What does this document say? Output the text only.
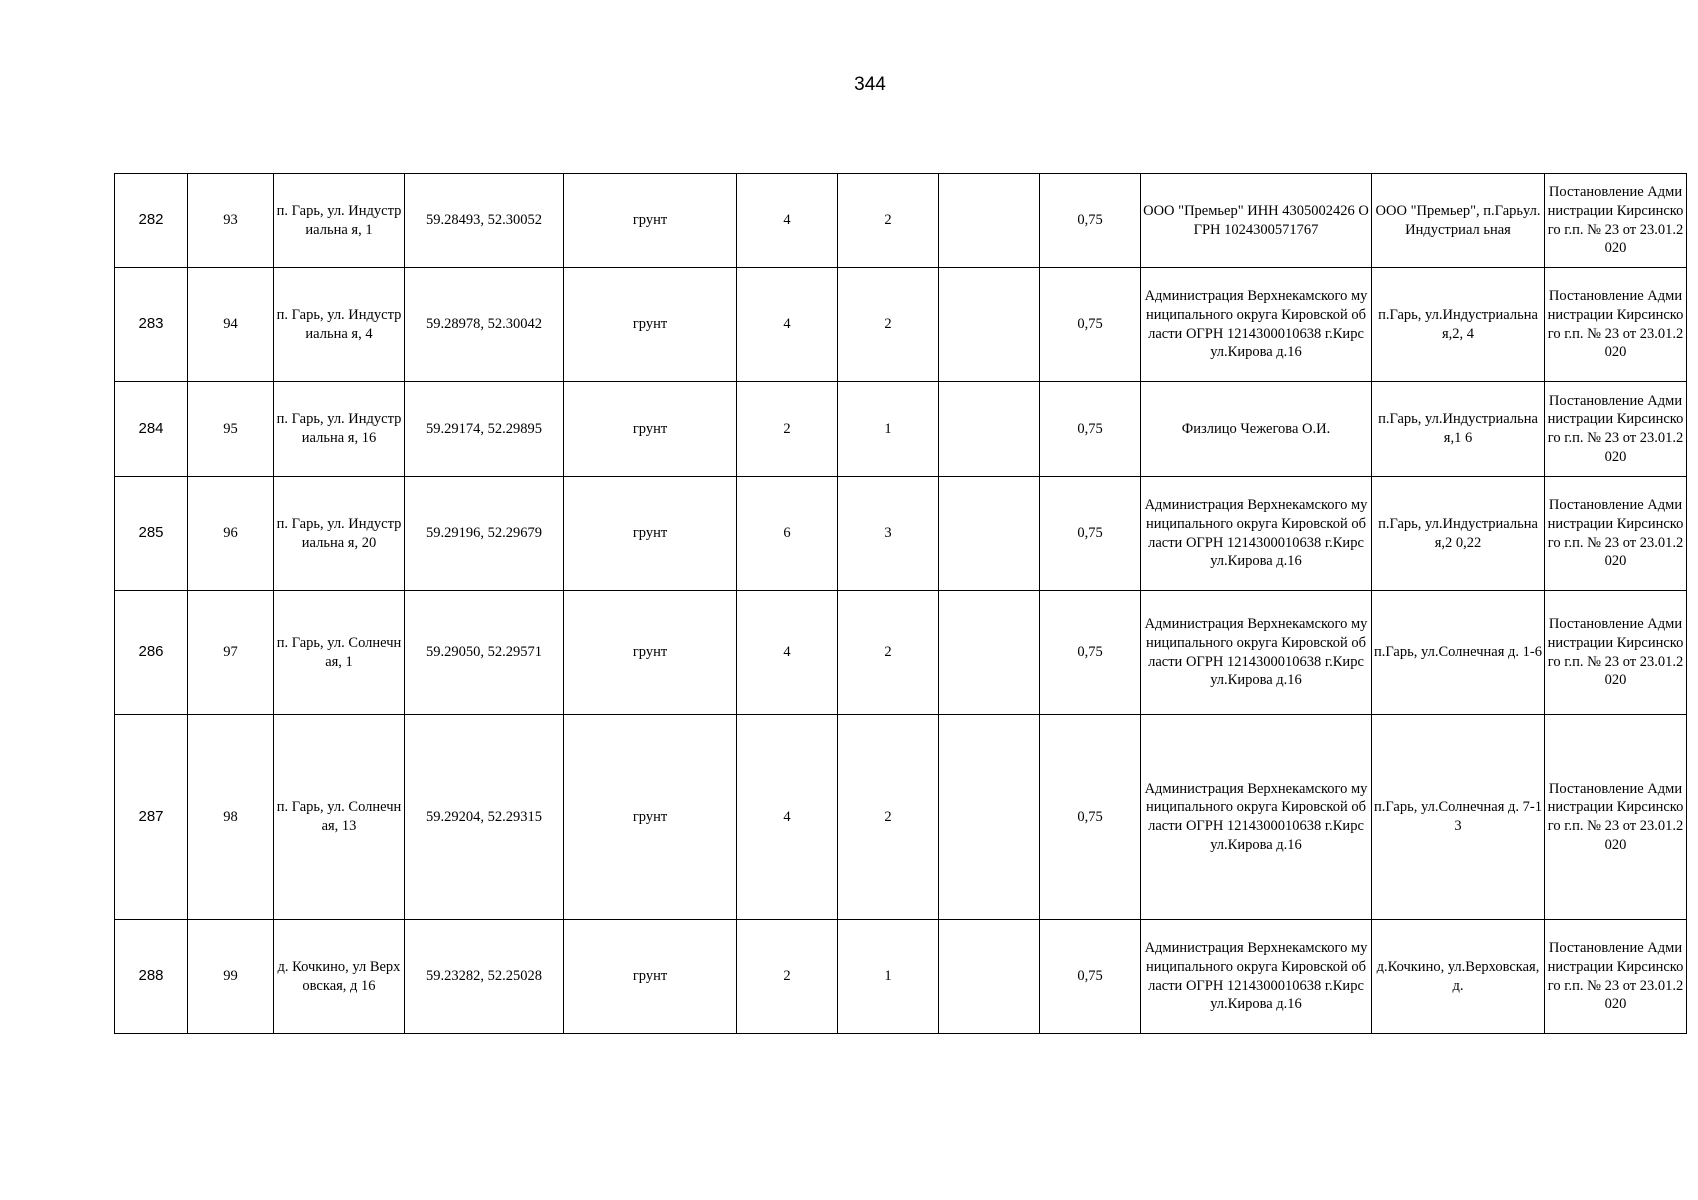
344
282	93	п. Гарь, ул. Индустриальна я, 1	59.28493, 52.30052	грунт	4	2		0,75	ООО "Премьер" ИНН 4305002426 ОГРН 1024300571767	ООО "Премьер", п.Гарьул.Индустриал ьная	Постановление Администрации Кирсинского г.п. № 23 от 23.01.2020
283	94	п. Гарь, ул. Индустриальна я, 4	59.28978, 52.30042	грунт	4	2		0,75	Администрация Верхнекамского муниципального округа Кировской области ОГРН 1214300010638 г.Кирс ул.Кирова д.16	п.Гарь, ул.Индустриальная,2, 4	Постановление Администрации Кирсинского г.п. № 23 от 23.01.2020
284	95	п. Гарь, ул. Индустриальна я, 16	59.29174, 52.29895	грунт	2	1		0,75	Физлицо Чежегова О.И.	п.Гарь, ул.Индустриальная,1 6	Постановление Администрации Кирсинского г.п. № 23 от 23.01.2020
285	96	п. Гарь, ул. Индустриальна я, 20	59.29196, 52.29679	грунт	6	3		0,75	Администрация Верхнекамского муниципального округа Кировской области ОГРН 1214300010638 г.Кирс ул.Кирова д.16	п.Гарь, ул.Индустриальная,2 0,22	Постановление Администрации Кирсинского г.п. № 23 от 23.01.2020
286	97	п. Гарь, ул. Солнечная, 1	59.29050, 52.29571	грунт	4	2		0,75	Администрация Верхнекамского муниципального округа Кировской области ОГРН 1214300010638 г.Кирс ул.Кирова д.16	п.Гарь, ул.Солнечная д. 1-6	Постановление Администрации Кирсинского г.п. № 23 от 23.01.2020
287	98	п. Гарь, ул. Солнечная, 13	59.29204, 52.29315	грунт	4	2		0,75	Администрация Верхнекамского муниципального округа Кировской области ОГРН 1214300010638 г.Кирс ул.Кирова д.16	п.Гарь, ул.Солнечная д. 7-13	Постановление Администрации Кирсинского г.п. № 23 от 23.01.2020
288	99	д. Кочкино, ул Верховская, д 16	59.23282, 52.25028	грунт	2	1		0,75	Администрация Верхнекамского муниципального округа Кировской области ОГРН 1214300010638 г.Кирс ул.Кирова д.16	д.Кочкино, ул.Верховская, д.	Постановление Администрации Кирсинского г.п. № 23 от 23.01.2020
